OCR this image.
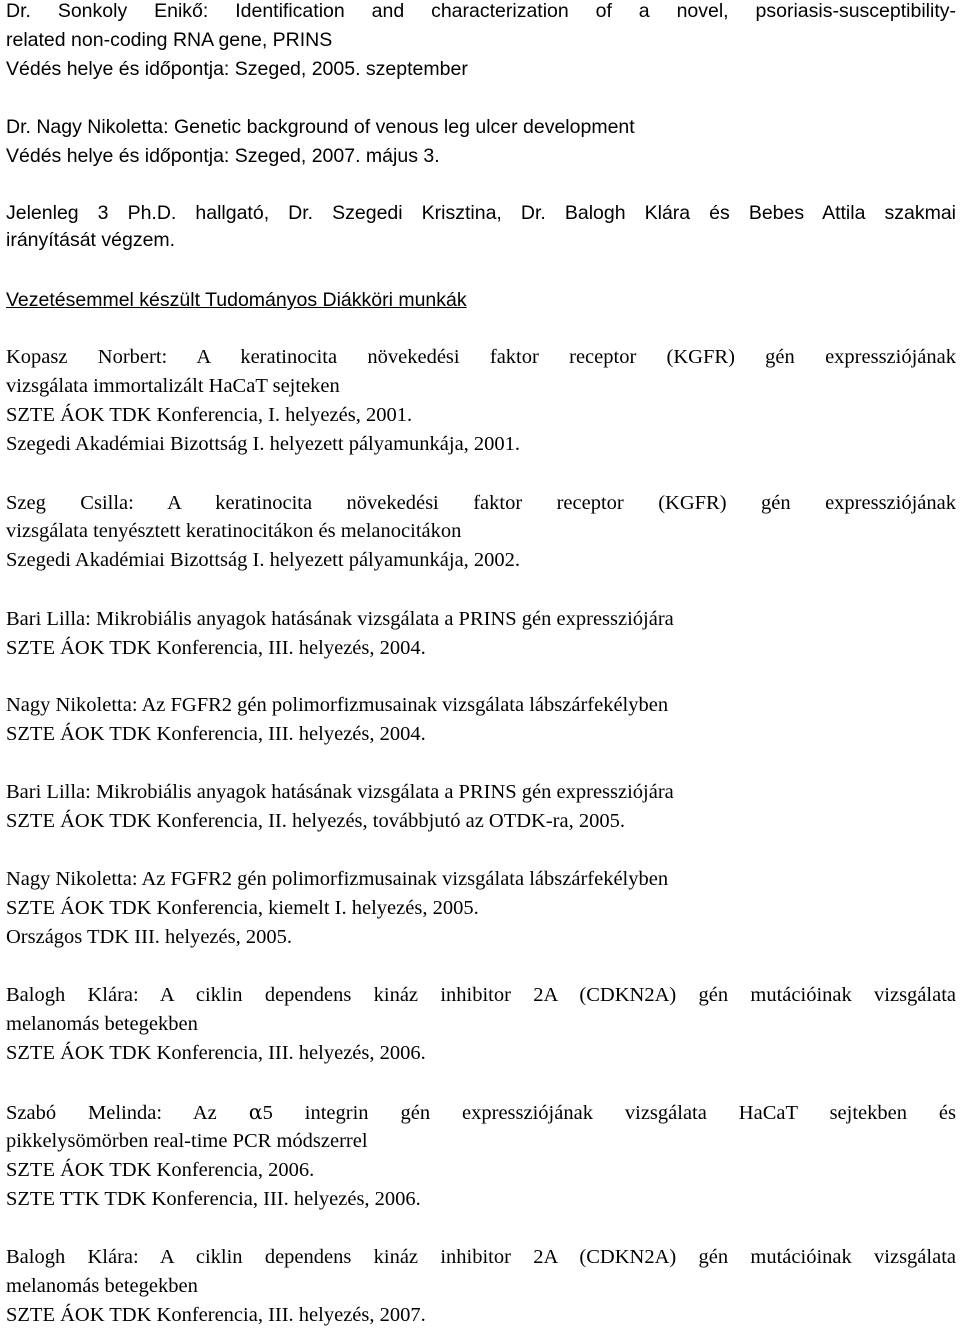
Dr. Sonkoly Enikő: Identification and characterization of a novel, psoriasis-susceptibility-
related non-coding RNA gene, PRINS
Védés helye és időpontja: Szeged, 2005. szeptember
Dr. Nagy Nikoletta: Genetic background of venous leg ulcer development
Védés helye és időpontja: Szeged, 2007. május 3.
Jelenleg 3 Ph.D. hallgató, Dr. Szegedi Krisztina, Dr. Balogh Klára és Bebes Attila szakmai
irányítását végzem.
Vezetésemmel készült Tudományos Diákköri munkák
Kopasz Norbert: A keratinocita növekedési faktor receptor (KGFR) gén expressziójának
vizsgálata immortalizált HaCaT sejteken
SZTE ÁOK TDK Konferencia, I. helyezés, 2001.
Szegedi Akadémiai Bizottság I. helyezett pályamunkája, 2001.
Szeg Csilla: A keratinocita növekedési faktor receptor (KGFR) gén expressziójának
vizsgálata tenyésztett keratinocitákon és melanocitákon
Szegedi Akadémiai Bizottság I. helyezett pályamunkája, 2002.
Bari Lilla: Mikrobiális anyagok hatásának vizsgálata a PRINS gén expressziójára
SZTE ÁOK TDK Konferencia, III. helyezés, 2004.
Nagy Nikoletta: Az FGFR2 gén polimorfizmusainak vizsgálata lábszárfekélyben
SZTE ÁOK TDK Konferencia, III. helyezés, 2004.
Bari Lilla: Mikrobiális anyagok hatásának vizsgálata a PRINS gén expressziójára
SZTE ÁOK TDK Konferencia, II. helyezés, továbbjutó az OTDK-ra, 2005.
Nagy Nikoletta: Az FGFR2 gén polimorfizmusainak vizsgálata lábszárfekélyben
SZTE ÁOK TDK Konferencia, kiemelt I. helyezés, 2005.
Országos TDK III. helyezés, 2005.
Balogh Klára: A ciklin dependens kináz inhibitor 2A (CDKN2A) gén mutációinak vizsgálata
melanomás betegekben
SZTE ÁOK TDK Konferencia, III. helyezés, 2006.
Szabó Melinda: Az α5 integrin gén expressziójának vizsgálata HaCaT sejtekben és
pikkelysömörben real-time PCR módszerrel
SZTE ÁOK TDK Konferencia, 2006.
SZTE TTK TDK Konferencia, III. helyezés, 2006.
Balogh Klára: A ciklin dependens kináz inhibitor 2A (CDKN2A) gén mutációinak vizsgálata
melanomás betegekben
SZTE ÁOK TDK Konferencia, III. helyezés, 2007.
